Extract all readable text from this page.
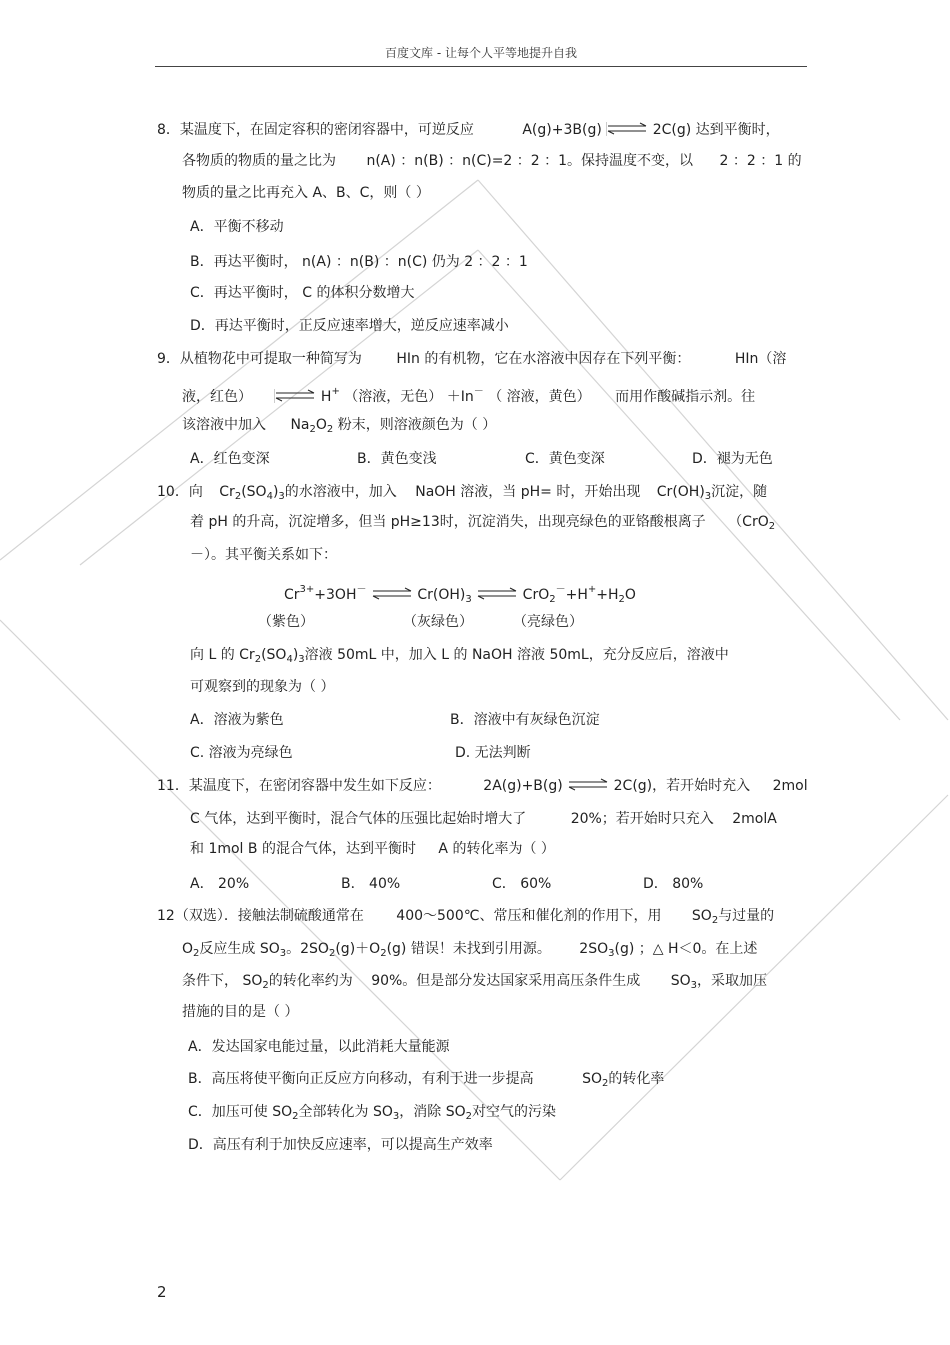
百度文库 - 让每个人平等地提升自我
8．某温度下，在固定容积的密闭容器中，可逆反应	A(g)+3B(g) ⇌ 2C(g) 达到平衡时，
各物质的物质的量之比为 n(A) ：n(B) ：n(C)=2 ：2 ：1。保持温度不变，以 2 ：2 ：1 的
物质的量之比再充入 A、B、C，则（ ）
A．平衡不移动
B．再达平衡时， n(A) ：n(B) ：n(C) 仍为 2 ：2 ：1
C．再达平衡时， C 的体积分数增大
D．再达平衡时，正反应速率增大，逆反应速率减小
9．从植物花中可提取一种简写为 HIn 的有机物，它在水溶液中因存在下列平衡：	HIn（溶
液，红色） ⇌ H+ （溶液，无色） ＋In－ （ 溶液，黄色） 而用作酸碱指示剂。往
该溶液中加入 Na2O2 粉末，则溶液颜色为（ ）
A．红色变深	B．黄色变浅	C．黄色变深	D．褪为无色
10．向 Cr2(SO4)3的水溶液中，加入 NaOH 溶液，当 pH= 时，开始出现 Cr(OH)3沉淀，随
着 pH 的升高，沉淀增多，但当 pH≥13时，沉淀消失，出现亮绿色的亚铬酸根离子 （CrO2
－）。其平衡关系如下：
Cr3++3OH－ ⇌ Cr(OH)3 ⇌ CrO2－+H++H2O
（紫色）	（灰绿色）	（亮绿色）
向 L 的 Cr2(SO4)3溶液 50mL 中，加入 L 的 NaOH 溶液 50mL，充分反应后，溶液中
可观察到的现象为（ ）
A．溶液为紫色	B．溶液中有灰绿色沉淀
C. 溶液为亮绿色	D. 无法判断
11．某温度下，在密闭容器中发生如下反应：	2A(g)+B(g) ⇌ 2C(g)，若开始时充入 2mol
C 气体，达到平衡时，混合气体的压强比起始时增大了	20%；若开始时只充入 2molA
和 1mol B 的混合气体，达到平衡时 A 的转化率为（ ）
A． 20%	B． 40%	C． 60%	D． 80%
12（双选）．接触法制硫酸通常在 400～500℃、常压和催化剂的作用下，用 SO2与过量的
O2反应生成 SO3。2SO2(g)＋O2(g) 错误！未找到引用源。 2SO3(g) ；△ H＜0。在上述
条件下， SO2的转化率约为 90%。但是部分发达国家采用高压条件生成 SO3，采取加压
措施的目的是（ ）
A．发达国家电能过量，以此消耗大量能源
B．高压将使平衡向正反应方向移动，有利于进一步提高	SO2的转化率
C．加压可使 SO2全部转化为 SO3，消除 SO2对空气的污染
D．高压有利于加快反应速率，可以提高生产效率
2
